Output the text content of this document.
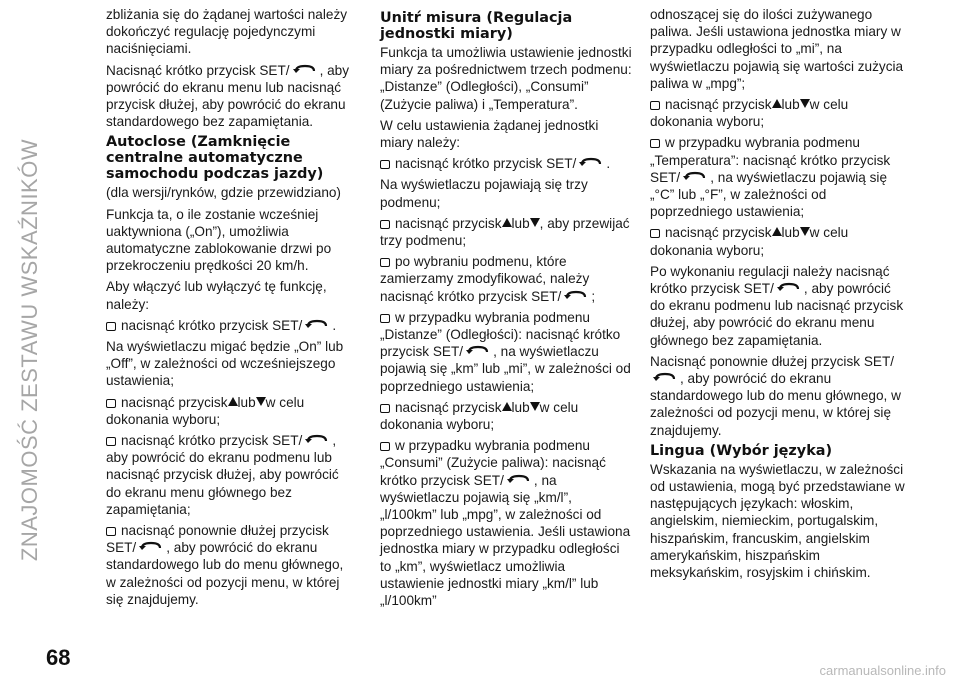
ZNAJOMOŚĆ ZESTAWU WSKAŹNIKÓW
68
carmanualsonline.info

zbliżania się do żądanej wartości należy dokończyć regulację pojedynczymi naciśnięciami.

Nacisnąć krótko przycisk SET/ , aby powrócić do ekranu menu lub nacisnąć przycisk dłużej, aby powrócić do ekranu standardowego bez zapamiętania.

Autoclose (Zamknięcie centralne automatyczne samochodu podczas jazdy)

(dla wersji/rynków, gdzie przewidziano)

Funkcja ta, o ile zostanie wcześniej uaktywniona („On”), umożliwia automatyczne zablokowanie drzwi po przekroczeniu prędkości 20 km/h.

Aby włączyć lub wyłączyć tę funkcję, należy:

nacisnąć krótko przycisk SET/ .

Na wyświetlaczu migać będzie „On” lub „Off”, w zależności od wcześniejszego ustawienia;

nacisnąć przycisk lub w celu dokonania wyboru;

nacisnąć krótko przycisk SET/ , aby powrócić do ekranu podmenu lub nacisnąć przycisk dłużej, aby powrócić do ekranu menu głównego bez zapamiętania;

nacisnąć ponownie dłużej przycisk SET/ , aby powrócić do ekranu standardowego lub do menu głównego, w zależności od pozycji menu, w której się znajdujemy.

Unitŕ misura (Regulacja jednostki miary)

Funkcja ta umożliwia ustawienie jednostki miary za pośrednictwem trzech podmenu: „Distanze” (Odległości), „Consumi” (Zużycie paliwa) i „Temperatura”.

W celu ustawienia żądanej jednostki miary należy:

nacisnąć krótko przycisk SET/ .

Na wyświetlaczu pojawiają się trzy podmenu;

nacisnąć przycisk lub , aby przewijać trzy podmenu;

po wybraniu podmenu, które zamierzamy zmodyfikować, należy nacisnąć krótko przycisk SET/ ;

w przypadku wybrania podmenu „Distanze” (Odległości): nacisnąć krótko przycisk SET/ , na wyświetlaczu pojawią się „km” lub „mi”, w zależności od poprzedniego ustawienia;

nacisnąć przycisk lub w celu dokonania wyboru;

w przypadku wybrania podmenu „Consumi” (Zużycie paliwa): nacisnąć krótko przycisk SET/ , na wyświetlaczu pojawią się „km/l”, „l/100km” lub „mpg”, w zależności od poprzedniego ustawienia. Jeśli ustawiona jednostka miary w przypadku odległości to „km”, wyświetlacz umożliwia ustawienie jednostki miary „km/l” lub „l/100km”

odnoszącej się do ilości zużywanego paliwa. Jeśli ustawiona jednostka miary w przypadku odległości to „mi”, na wyświetlaczu pojawią się wartości zużycia paliwa w „mpg”;

nacisnąć przycisk lub w celu dokonania wyboru;

w przypadku wybrania podmenu „Temperatura”: nacisnąć krótko przycisk SET/ , na wyświetlaczu pojawią się „°C” lub „°F”, w zależności od poprzedniego ustawienia;

nacisnąć przycisk lub w celu dokonania wyboru;

Po wykonaniu regulacji należy nacisnąć krótko przycisk SET/ , aby powrócić do ekranu podmenu lub nacisnąć przycisk dłużej, aby powrócić do ekranu menu głównego bez zapamiętania.

Nacisnąć ponownie dłużej przycisk SET/, aby powrócić do ekranu standardowego lub do menu głównego, w zależności od pozycji menu, w której się znajdujemy.

Lingua (Wybór języka)

Wskazania na wyświetlaczu, w zależności od ustawienia, mogą być przedstawiane w następujących językach: włoskim, angielskim, niemieckim, portugalskim, hiszpańskim, francuskim, angielskim amerykańskim, hiszpańskim meksykańskim, rosyjskim i chińskim.
